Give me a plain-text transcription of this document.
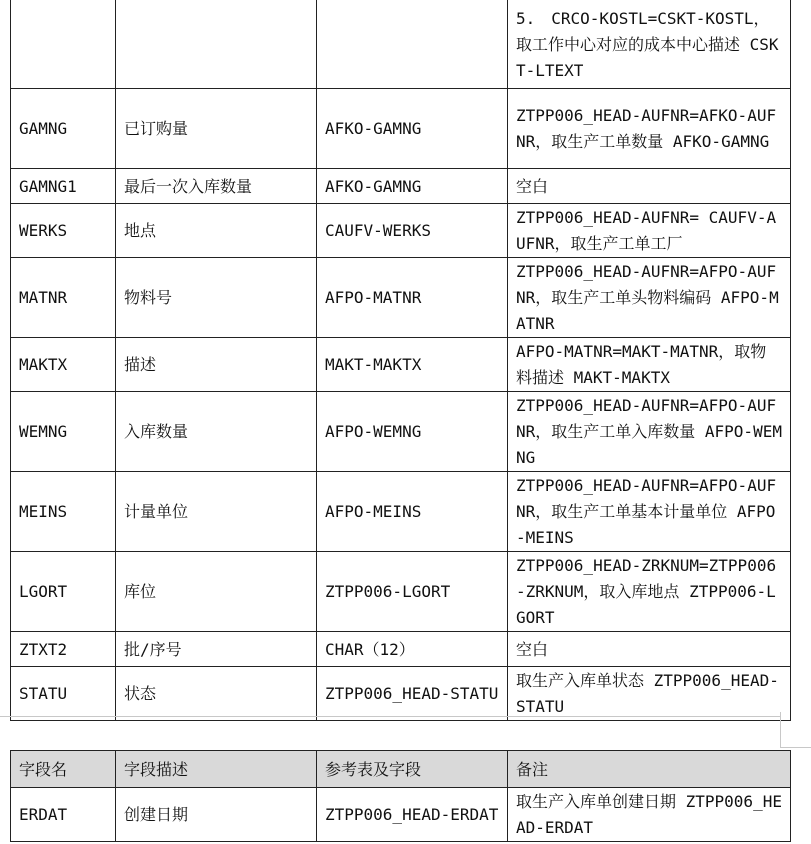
			5.　CRCO-KOSTL=CSKT-KOSTL，取工作中心对应的成本中心描述 CSKT-LTEXT
GAMNG	已订购量	AFKO-GAMNG	ZTPP006_HEAD-AUFNR=AFKO-AUFNR，取生产工单数量 AFKO-GAMNG
GAMNG1	最后一次入库数量	AFKO-GAMNG	空白
WERKS	地点	CAUFV-WERKS	ZTPP006_HEAD-AUFNR= CAUFV-AUFNR，取生产工单工厂
MATNR	物料号	AFPO-MATNR	ZTPP006_HEAD-AUFNR=AFPO-AUFNR，取生产工单头物料编码 AFPO-MATNR
MAKTX	描述	MAKT-MAKTX	AFPO-MATNR=MAKT-MATNR，取物料描述 MAKT-MAKTX
WEMNG	入库数量	AFPO-WEMNG	ZTPP006_HEAD-AUFNR=AFPO-AUFNR，取生产工单入库数量 AFPO-WEMNG
MEINS	计量单位	AFPO-MEINS	ZTPP006_HEAD-AUFNR=AFPO-AUFNR，取生产工单基本计量单位 AFPO-MEINS
LGORT	库位	ZTPP006-LGORT	ZTPP006_HEAD-ZRKNUM=ZTPP006-ZRKNUM，取入库地点 ZTPP006-LGORT
ZTXT2	批/序号	CHAR（12）	空白
STATU	状态	ZTPP006_HEAD-STATU	取生产入库单状态 ZTPP006_HEAD-STATU
字段名	字段描述	参考表及字段	备注
ERDAT	创建日期	ZTPP006_HEAD-ERDAT	取生产入库单创建日期 ZTPP006_HEAD-ERDAT
